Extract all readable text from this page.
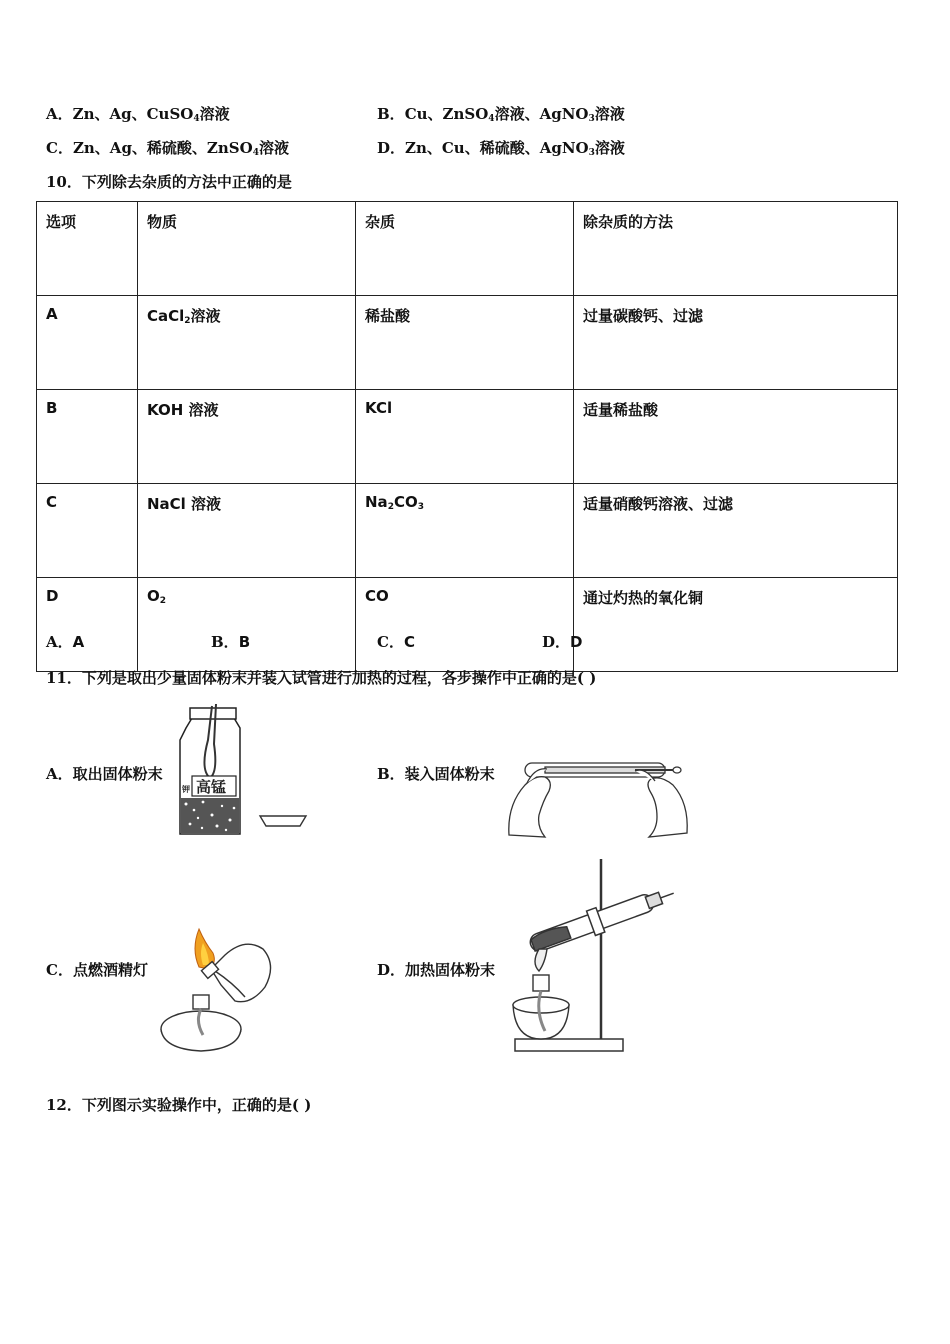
A．Zn、Ag、CuSO$_4$溶液	B．Cu、ZnSO$_4$溶液、AgNO$_3$溶液
C．Zn、Ag、稀硫酸、ZnSO$_4$溶液	D．Zn、Cu、稀硫酸、AgNO$_3$溶液
10．下列除去杂质的方法中正确的是
选项	物质	杂质	除杂质的方法
A	CaCl$_2$溶液	稀盐酸	过量碳酸钙、过滤
B	KOH 溶液	KCl	适量稀盐酸
C	NaCl 溶液	$Na_2CO_3$	适量硝酸钙溶液、过滤
D	$O_2$	CO	通过灼热的氧化铜
A．A	B．B	C．C	D．D
11．下列是取出少量固体粉末并装入试管进行加热的过程，各步操作中正确的是( )
A．取出固体粉末	B．装入固体粉末
C．点燃酒精灯	D．加热固体粉末
高锰
钾
12．下列图示实验操作中，正确的是( )
